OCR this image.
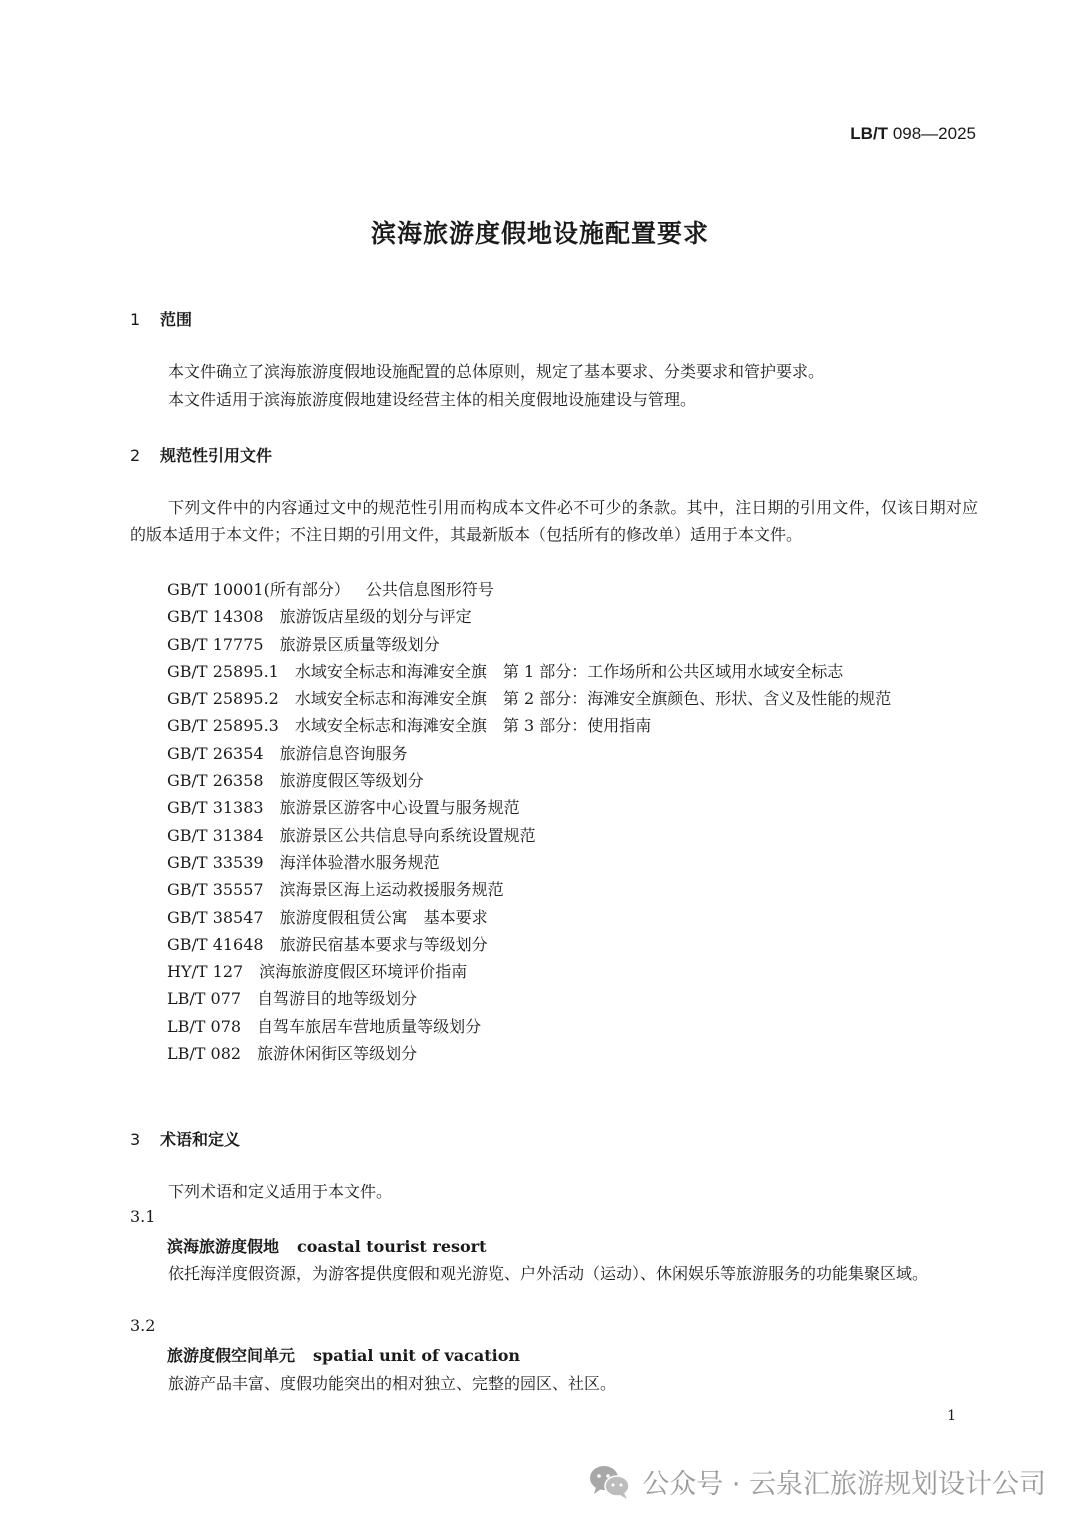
LB/T 098—2025
滨海旅游度假地设施配置要求
1 范围

本文件确立了滨海旅游度假地设施配置的总体原则，规定了基本要求、分类要求和管护要求。

本文件适用于滨海旅游度假地建设经营主体的相关度假地设施建设与管理。

2 规范性引用文件

下列文件中的内容通过文中的规范性引用而构成本文件必不可少的条款。其中，注日期的引用文件，仅该日期对应的版本适用于本文件；不注日期的引用文件，其最新版本（包括所有的修改单）适用于本文件。

GB/T 10001(所有部分） 公共信息图形符号
GB/T 14308 旅游饭店星级的划分与评定
GB/T 17775 旅游景区质量等级划分
GB/T 25895.1 水域安全标志和海滩安全旗　第 1 部分：工作场所和公共区域用水域安全标志
GB/T 25895.2 水域安全标志和海滩安全旗　第 2 部分：海滩安全旗颜色、形状、含义及性能的规范
GB/T 25895.3 水域安全标志和海滩安全旗　第 3 部分：使用指南
GB/T 26354 旅游信息咨询服务
GB/T 26358 旅游度假区等级划分
GB/T 31383 旅游景区游客中心设置与服务规范
GB/T 31384 旅游景区公共信息导向系统设置规范
GB/T 33539 海洋体验潜水服务规范
GB/T 35557 滨海景区海上运动救援服务规范
GB/T 38547 旅游度假租赁公寓　基本要求
GB/T 41648 旅游民宿基本要求与等级划分
HY/T 127 滨海旅游度假区环境评价指南
LB/T 077 自驾游目的地等级划分
LB/T 078 自驾车旅居车营地质量等级划分
LB/T 082 旅游休闲街区等级划分
3 术语和定义

下列术语和定义适用于本文件。

3.1
滨海旅游度假地 coastal tourist resort

依托海洋度假资源，为游客提供度假和观光游览、户外活动（运动）、休闲娱乐等旅游服务的功能集聚区域。

3.2
旅游度假空间单元 spatial unit of vacation

旅游产品丰富、度假功能突出的相对独立、完整的园区、社区。

1
公众号 · 云泉汇旅游规划设计公司
